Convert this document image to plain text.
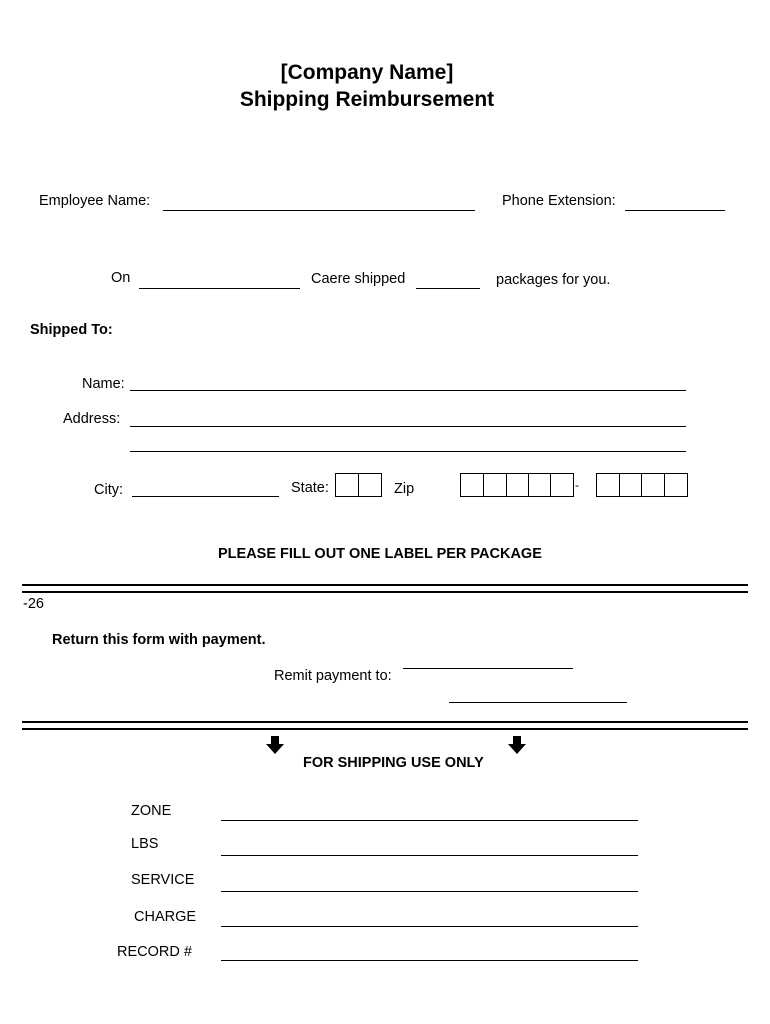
[Company Name]
Shipping Reimbursement
Employee Name:	Phone Extension:
On	Caere shipped	packages for you.
Shipped To:
Name:
Address:
City:	State:	Zip	-
PLEASE FILL OUT ONE LABEL PER PACKAGE
-26
Return this form with payment.
Remit payment to:
FOR SHIPPING USE ONLY
ZONE
LBS
SERVICE
CHARGE
RECORD #
